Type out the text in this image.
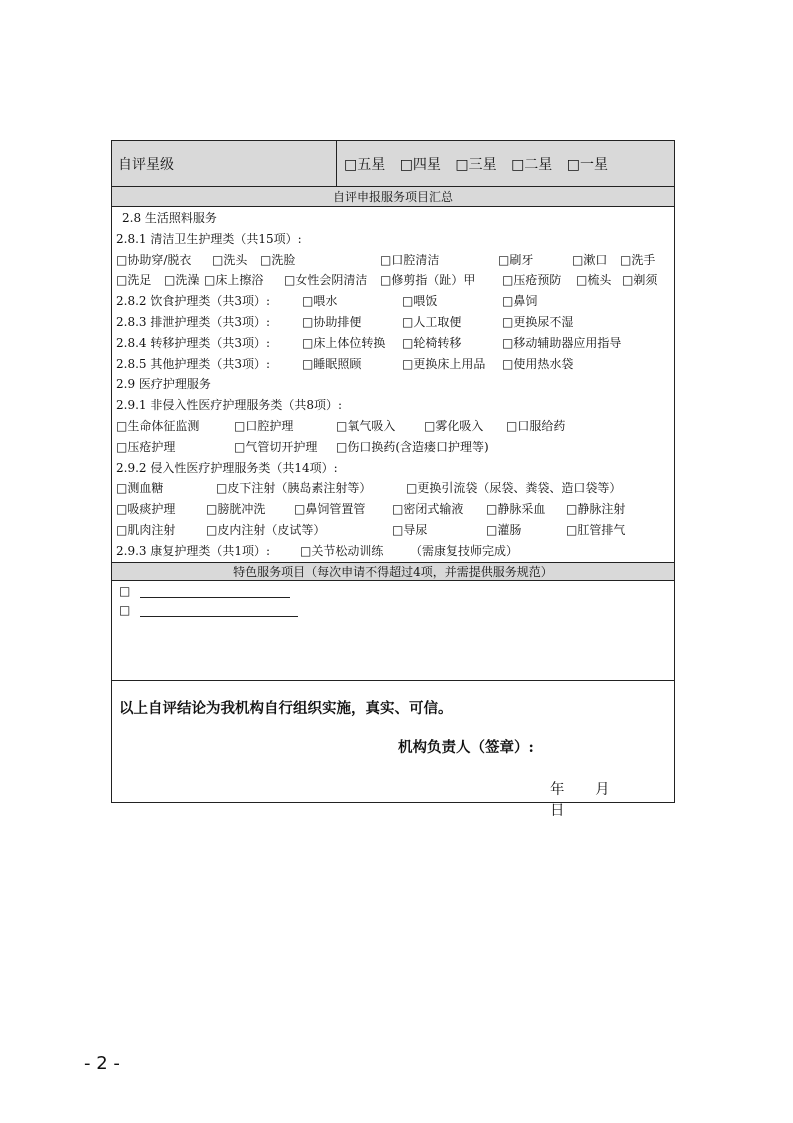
自评星级	□五星 □四星 □三星 □二星 □一星
自评申报服务项目汇总
2.8 生活照料服务
2.8.1 清洁卫生护理类（共15项）:
□协助穿/脱衣 □洗头 □洗脸	□口腔清洁	□刷牙	□漱口 □洗手
□洗足 □洗澡 □床上擦浴 □女性会阴清洁 □修剪指（趾）甲 □压疮预防 □梳头 □剃须
2.8.2 饮食护理类（共3项）:	□喂水	□喂饭	□鼻饲
2.8.3 排泄护理类（共3项）:	□协助排便	□人工取便	□更换尿不湿
2.8.4 转移护理类（共3项）:	□床上体位转换 □轮椅转移	□移动辅助器应用指导
2.8.5 其他护理类（共3项）:	□睡眠照顾	□更换床上用品 □使用热水袋
2.9 医疗护理服务
2.9.1 非侵入性医疗护理服务类（共8项）:
□生命体征监测	□口腔护理	□氧气吸入 □雾化吸入 □口服给药
□压疮护理	□气管切开护理 □伤口换药(含造瘘口护理等)
2.9.2 侵入性医疗护理服务类（共14项）:
□测血糖	□皮下注射（胰岛素注射等）	□更换引流袋（尿袋、粪袋、造口袋等）
□吸痰护理	□膀胱冲洗 □鼻饲管置管 □密闭式输液 □静脉采血 □静脉注射
□肌肉注射	□皮内注射（皮试等）	□导尿	□灌肠	□肛管排气
2.9.3 康复护理类（共1项）: □关节松动训练 （需康复技师完成）
特色服务项目（每次申请不得超过4项，并需提供服务规范）
□
□
以上自评结论为我机构自行组织实施，真实、可信。
机构负责人（签章）:
年 月 日
- 2 -
